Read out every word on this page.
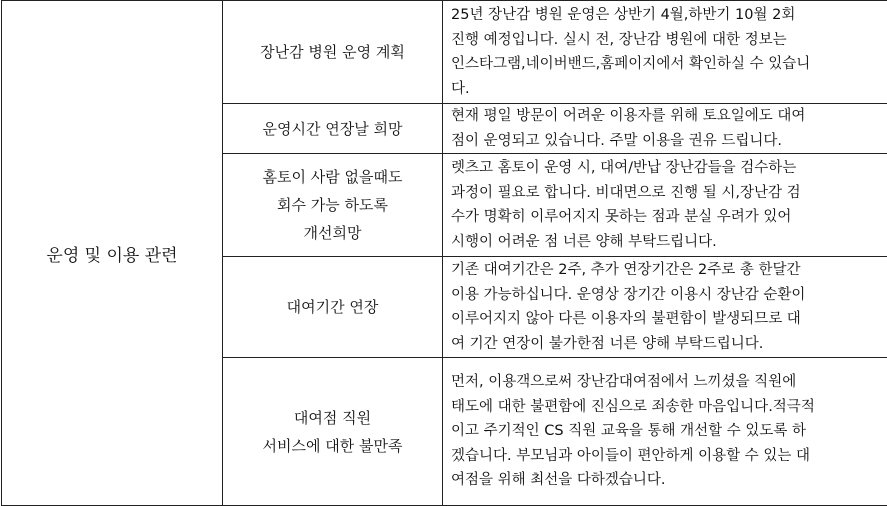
운영 및 이용 관련	장난감 병원 운영 계획	25년 장난감 병원 운영은 상반기 4월,하반기 10월 2회
진행 예정입니다. 실시 전, 장난감 병원에 대한 정보는
인스타그램,네이버밴드,홈페이지에서 확인하실 수 있습니
다.

	운영시간 연장날 희망	현재 평일 방문이 어려운 이용자를 위해 토요일에도 대여
점이 운영되고 있습니다. 주말 이용을 권유 드립니다.

	홈토이 사람 없을때도
회수 가능 하도록
개선희망	렛츠고 홈토이 운영 시, 대여/반납 장난감들을 검수하는
과정이 필요로 합니다. 비대면으로 진행 될 시,장난감 검
수가 명확히 이루어지지 못하는 점과 분실 우려가 있어
시행이 어려운 점 너른 양해 부탁드립니다.

	대여기간 연장	기존 대여기간은 2주, 추가 연장기간은 2주로 총 한달간
이용 가능하십니다. 운영상 장기간 이용시 장난감 순환이
이루어지지 않아 다른 이용자의 불편함이 발생되므로 대
여 기간 연장이 불가한점 너른 양해 부탁드립니다.

	대여점 직원
서비스에 대한 불만족	먼저, 이용객으로써 장난감대여점에서 느끼셨을 직원에
태도에 대한 불편함에 진심으로 죄송한 마음입니다.적극적
이고 주기적인 CS 직원 교육을 통해 개선할 수 있도록 하
겠습니다. 부모님과 아이들이 편안하게 이용할 수 있는 대
여점을 위해 최선을 다하겠습니다.
